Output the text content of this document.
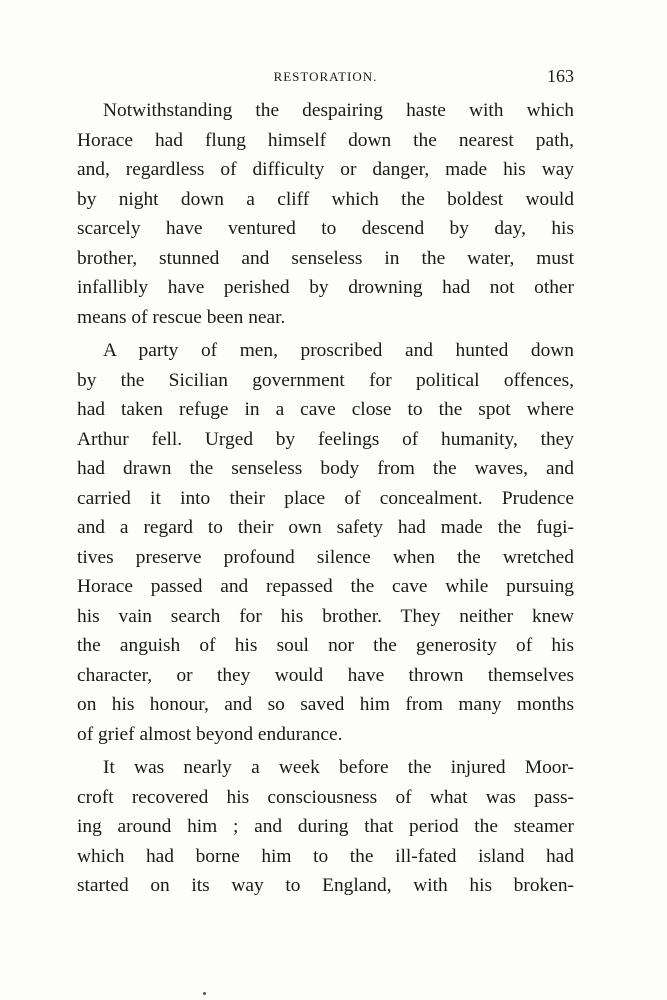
RESTORATION.	163
Notwithstanding the despairing haste with which
Horace had flung himself down the nearest path,
and, regardless of difficulty or danger, made his way
by night down a cliff which the boldest would
scarcely have ventured to descend by day, his
brother, stunned and senseless in the water, must
infallibly have perished by drowning had not other
means of rescue been near.
A party of men, proscribed and hunted down
by the Sicilian government for political offences,
had taken refuge in a cave close to the spot where
Arthur fell. Urged by feelings of humanity, they
had drawn the senseless body from the waves, and
carried it into their place of concealment. Prudence
and a regard to their own safety had made the fugi-
tives preserve profound silence when the wretched
Horace passed and repassed the cave while pursuing
his vain search for his brother. They neither knew
the anguish of his soul nor the generosity of his
character, or they would have thrown themselves
on his honour, and so saved him from many months
of grief almost beyond endurance.
It was nearly a week before the injured Moor-
croft recovered his consciousness of what was pass-
ing around him ; and during that period the steamer
which had borne him to the ill-fated island had
started on its way to England, with his broken-
